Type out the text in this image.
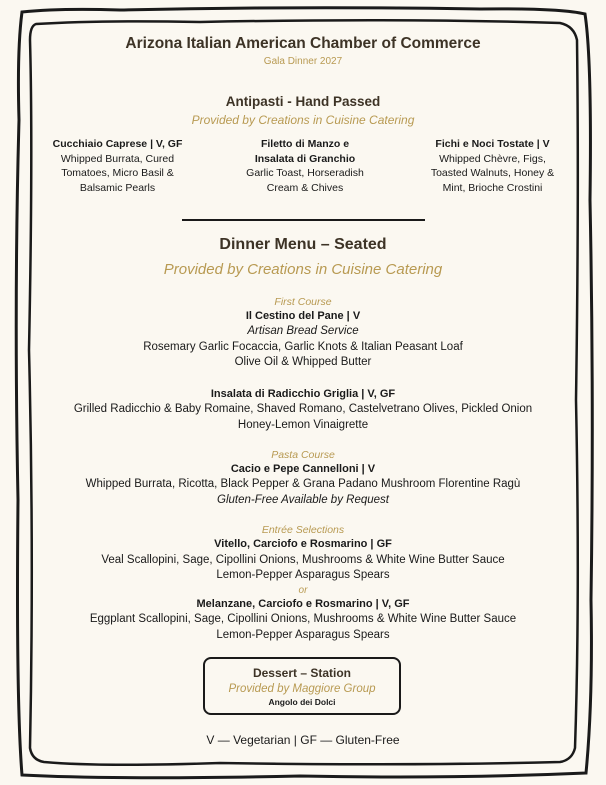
Arizona Italian American Chamber of Commerce
Gala Dinner 2027
Antipasti - Hand Passed
Provided by Creations in Cuisine Catering
Cucchiaio Caprese | V, GF
Whipped Burrata, Cured
Tomatoes, Micro Basil &
Balsamic Pearls
Filetto di Manzo e
Insalata di Granchio
Garlic Toast, Horseradish
Cream & Chives
Fichi e Noci Tostate | V
Whipped Chèvre, Figs,
Toasted Walnuts, Honey &
Mint, Brioche Crostini
Dinner Menu – Seated
Provided by Creations in Cuisine Catering
First Course
Il Cestino del Pane | V
Artisan Bread Service
Rosemary Garlic Focaccia, Garlic Knots & Italian Peasant Loaf
Olive Oil & Whipped Butter
Insalata di Radicchio Griglia | V, GF
Grilled Radicchio & Baby Romaine, Shaved Romano, Castelvetrano Olives, Pickled Onion
Honey-Lemon Vinaigrette
Pasta Course
Cacio e Pepe Cannelloni | V
Whipped Burrata, Ricotta, Black Pepper & Grana Padano Mushroom Florentine Ragù
Gluten-Free Available by Request
Entrée Selections
Vitello, Carciofo e Rosmarino | GF
Veal Scallopini, Sage, Cipollini Onions, Mushrooms & White Wine Butter Sauce
Lemon-Pepper Asparagus Spears
or
Melanzane, Carciofo e Rosmarino | V, GF
Eggplant Scallopini, Sage, Cipollini Onions, Mushrooms & White Wine Butter Sauce
Lemon-Pepper Asparagus Spears
Dessert – Station
Provided by Maggiore Group
Angolo dei Dolci
V — Vegetarian | GF — Gluten-Free
